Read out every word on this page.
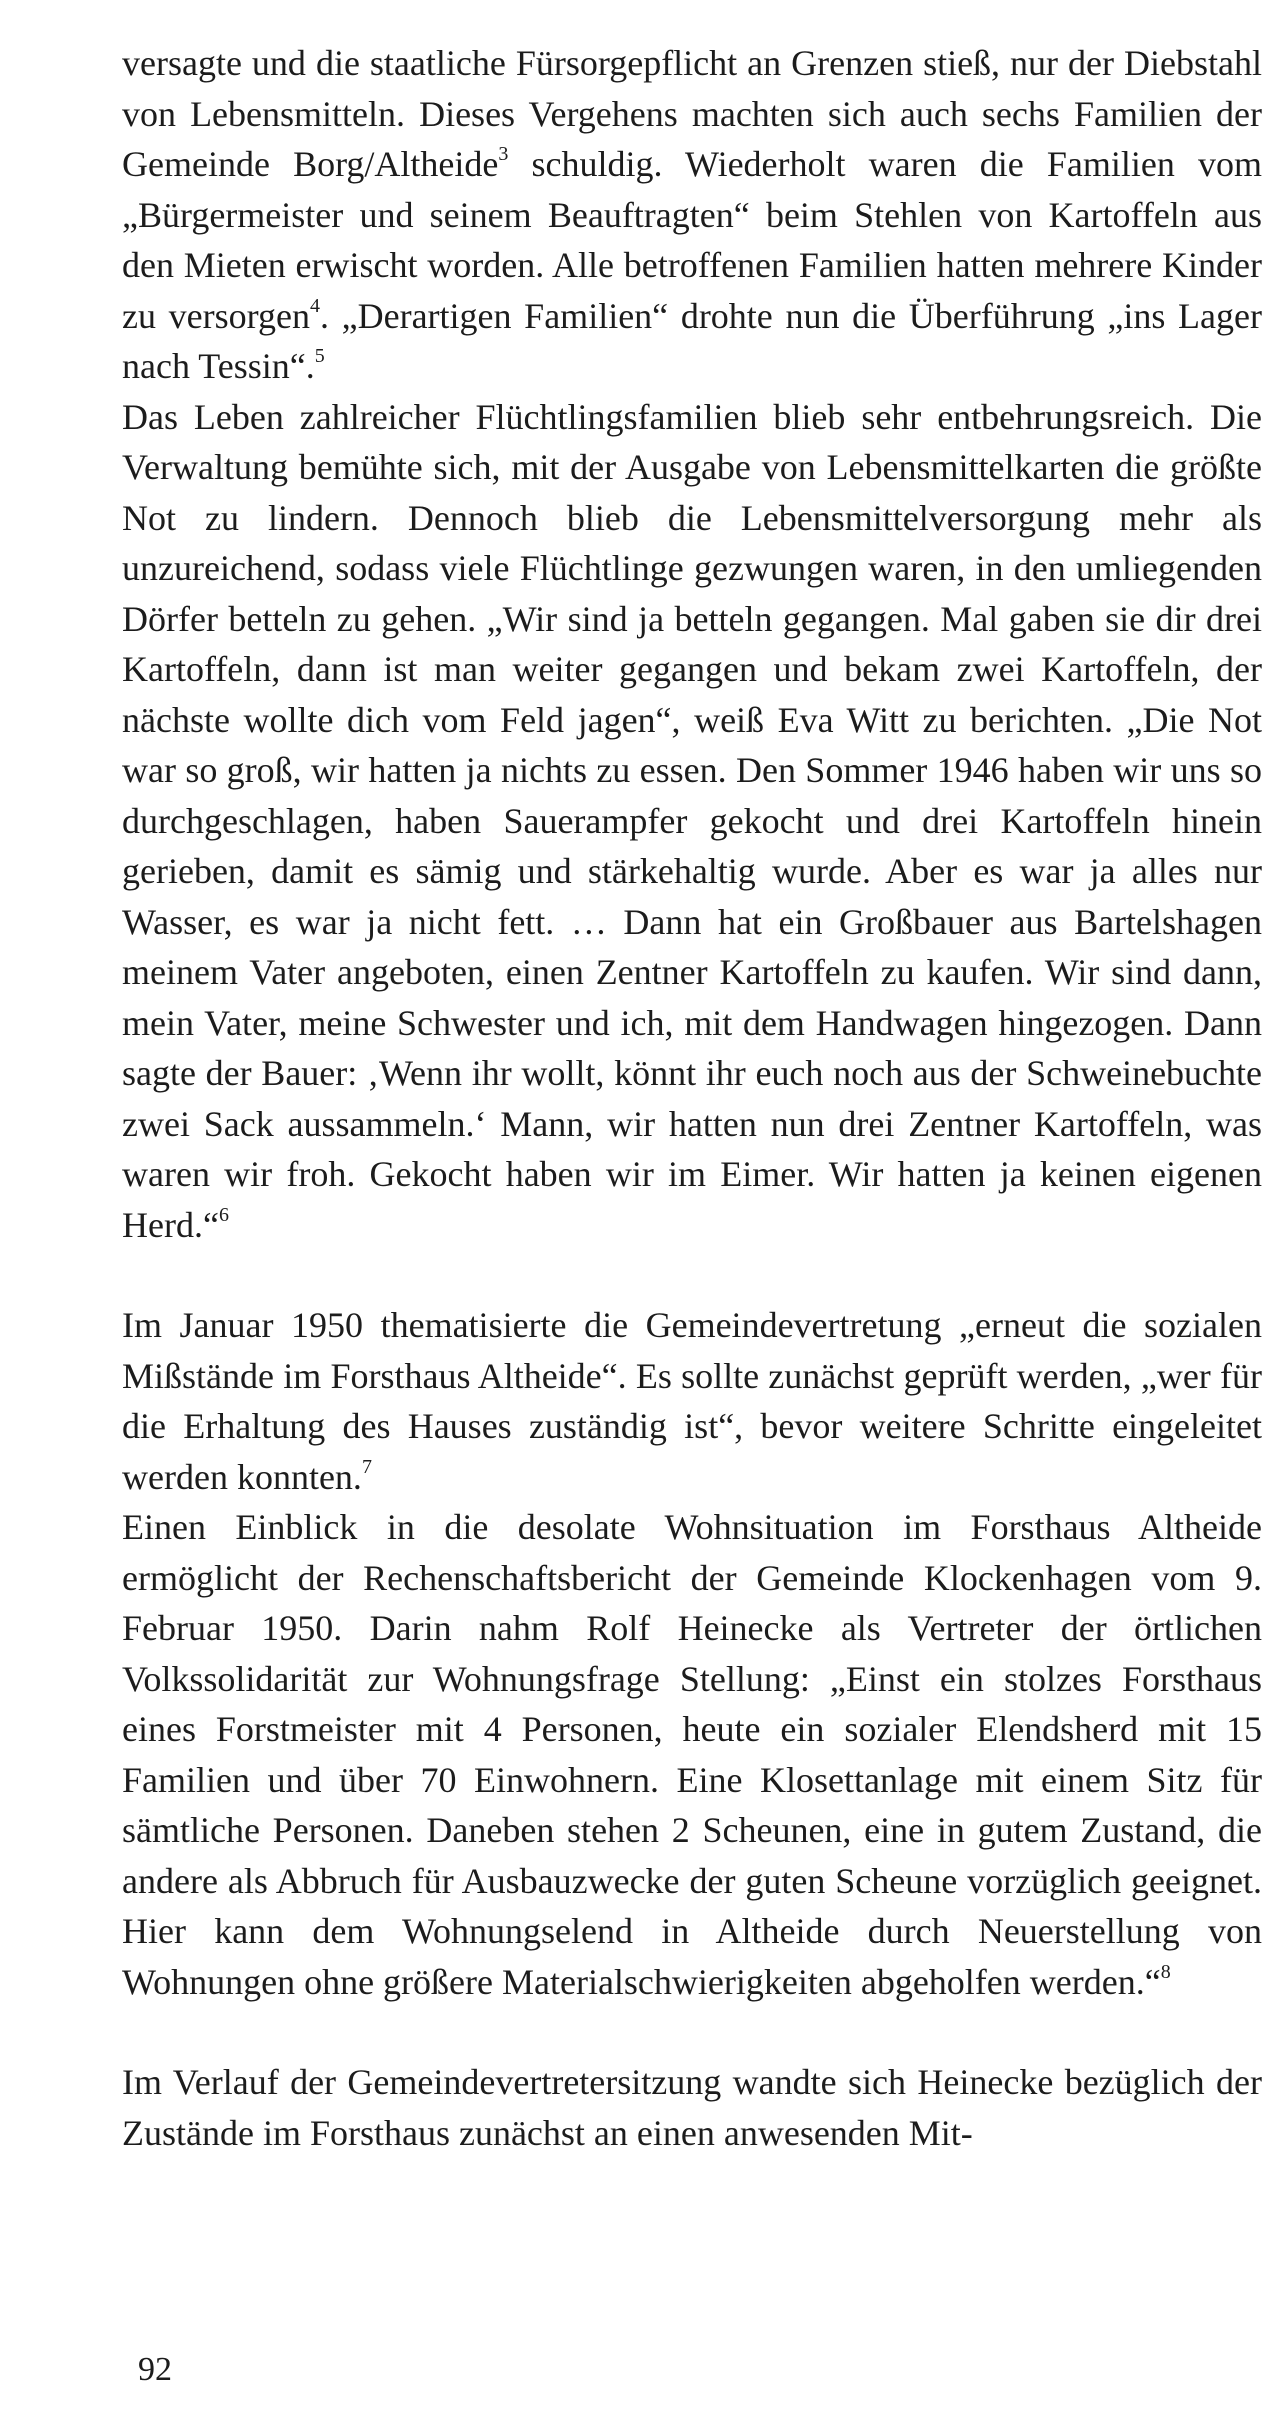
versagte und die staatliche Fürsorgepflicht an Grenzen stieß, nur der Diebstahl von Lebensmitteln. Dieses Vergehens machten sich auch sechs Familien der Gemeinde Borg/Altheide$^3$ schuldig. Wiederholt waren die Familien vom „Bürgermeister und seinem Beauftragten“ beim Stehlen von Kartoffeln aus den Mieten erwischt worden. Alle betroffenen Familien hatten mehrere Kinder zu versorgen$^4$. „Derartigen Familien“ drohte nun die Überführung „ins Lager nach Tessin“.$^5$

Das Leben zahlreicher Flüchtlingsfamilien blieb sehr entbehrungsreich. Die Verwaltung bemühte sich, mit der Ausgabe von Lebensmittelkarten die größte Not zu lindern. Dennoch blieb die Lebensmittelversorgung mehr als unzureichend, sodass viele Flüchtlinge gezwungen waren, in den umliegenden Dörfer betteln zu gehen. „Wir sind ja betteln gegangen. Mal gaben sie dir drei Kartoffeln, dann ist man weiter gegangen und bekam zwei Kartoffeln, der nächste wollte dich vom Feld jagen“, weiß Eva Witt zu berichten. „Die Not war so groß, wir hatten ja nichts zu essen. Den Sommer 1946 haben wir uns so durchgeschlagen, haben Sauerampfer gekocht und drei Kartoffeln hinein gerieben, damit es sämig und stärkehaltig wurde. Aber es war ja alles nur Wasser, es war ja nicht fett. … Dann hat ein Großbauer aus Bartelshagen meinem Vater angeboten, einen Zentner Kartoffeln zu kaufen. Wir sind dann, mein Vater, meine Schwester und ich, mit dem Handwagen hingezogen. Dann sagte der Bauer: ‚Wenn ihr wollt, könnt ihr euch noch aus der Schweinebuchte zwei Sack aussammeln.‘ Mann, wir hatten nun drei Zentner Kartoffeln, was waren wir froh. Gekocht haben wir im Eimer. Wir hatten ja keinen eigenen Herd.“$^6$

Im Januar 1950 thematisierte die Gemeindevertretung „erneut die sozialen Mißstände im Forsthaus Altheide“. Es sollte zunächst geprüft werden, „wer für die Erhaltung des Hauses zuständig ist“, bevor weitere Schritte eingeleitet werden konnten.$^7$

Einen Einblick in die desolate Wohnsituation im Forsthaus Altheide ermöglicht der Rechenschaftsbericht der Gemeinde Klockenhagen vom 9. Februar 1950. Darin nahm Rolf Heinecke als Vertreter der örtlichen Volkssolidarität zur Wohnungsfrage Stellung: „Einst ein stolzes Forsthaus eines Forstmeister mit 4 Personen, heute ein sozialer Elendsherd mit 15 Familien und über 70 Einwohnern. Eine Klosettanlage mit einem Sitz für sämtliche Personen. Daneben stehen 2 Scheunen, eine in gutem Zustand, die andere als Abbruch für Ausbauzwecke der guten Scheune vorzüglich geeignet. Hier kann dem Wohnungselend in Altheide durch Neuerstellung von Wohnungen ohne größere Materialschwierigkeiten abgeholfen werden.“$^8$

Im Verlauf der Gemeindevertretersitzung wandte sich Heinecke bezüglich der Zustände im Forsthaus zunächst an einen anwesenden Mit-

92
